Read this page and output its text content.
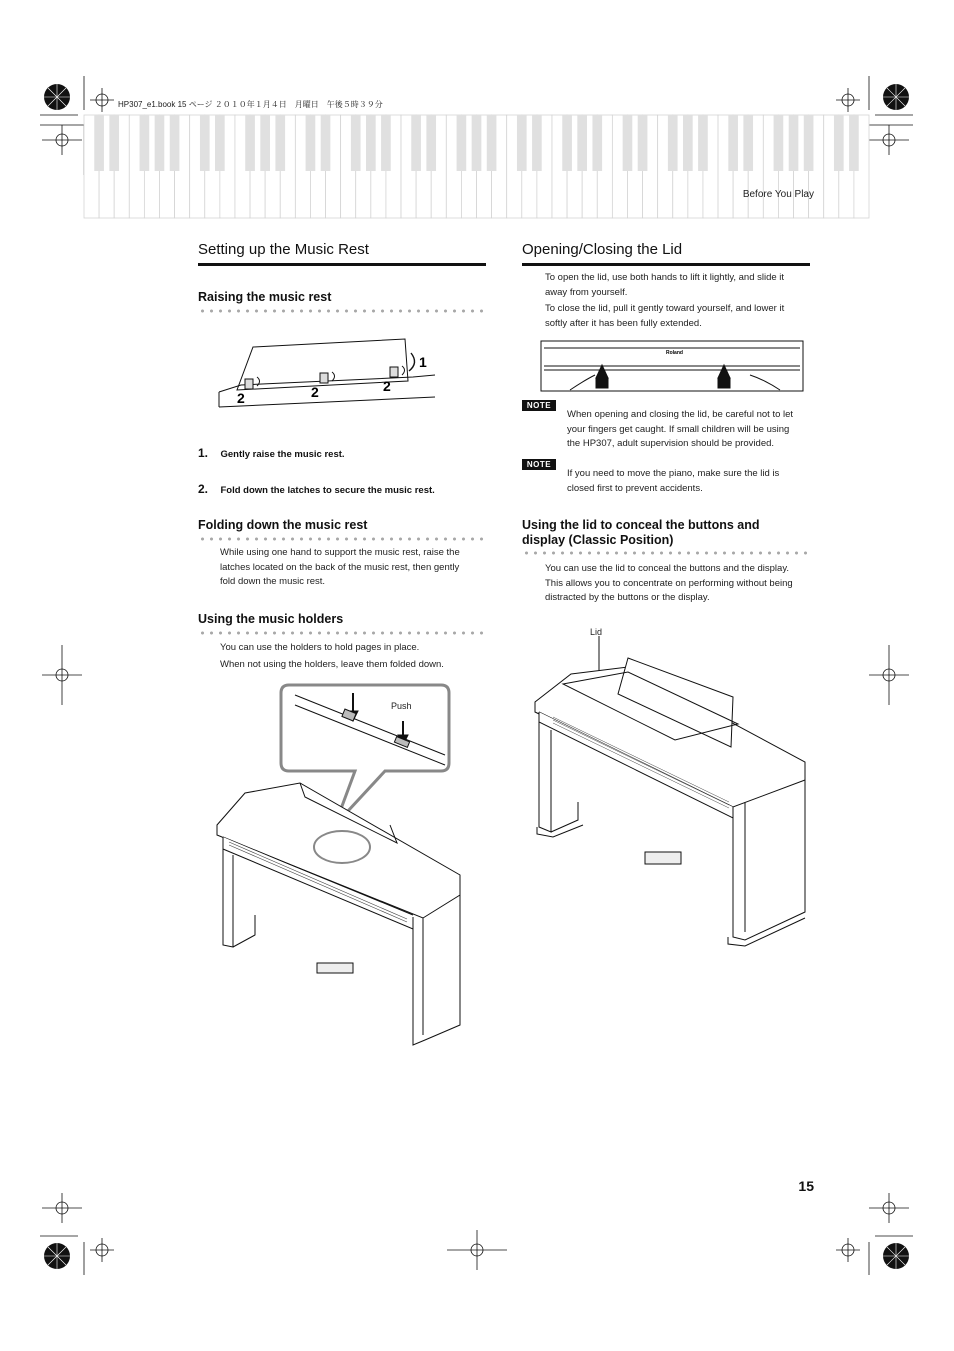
HP307_e1.book 15 ページ ２０１０年１月４日　月曜日　午後５時３９分
Before You Play
Setting up the Music Rest
Raising the music rest
2	2	2
1
1. Gently raise the music rest.
2. Fold down the latches to secure the music rest.
Folding down the music rest
While using one hand to support the music rest, raise the
latches located on the back of the music rest, then gently
fold down the music rest.
Using the music holders
You can use the holders to hold pages in place.
When not using the holders, leave them folded down.
Push
Opening/Closing the Lid
To open the lid, use both hands to lift it lightly, and slide it
away from yourself.
To close the lid, pull it gently toward yourself, and lower it
softly after it has been fully extended.
Roland
NOTE
When opening and closing the lid, be careful not to let
your fingers get caught. If small children will be using
the HP307, adult supervision should be provided.
NOTE
If you need to move the piano, make sure the lid is
closed first to prevent accidents.
Using the lid to conceal the buttons and
display (Classic Position)
You can use the lid to conceal the buttons and the display.
This allows you to concentrate on performing without being
distracted by the buttons or the display.
Lid
15
